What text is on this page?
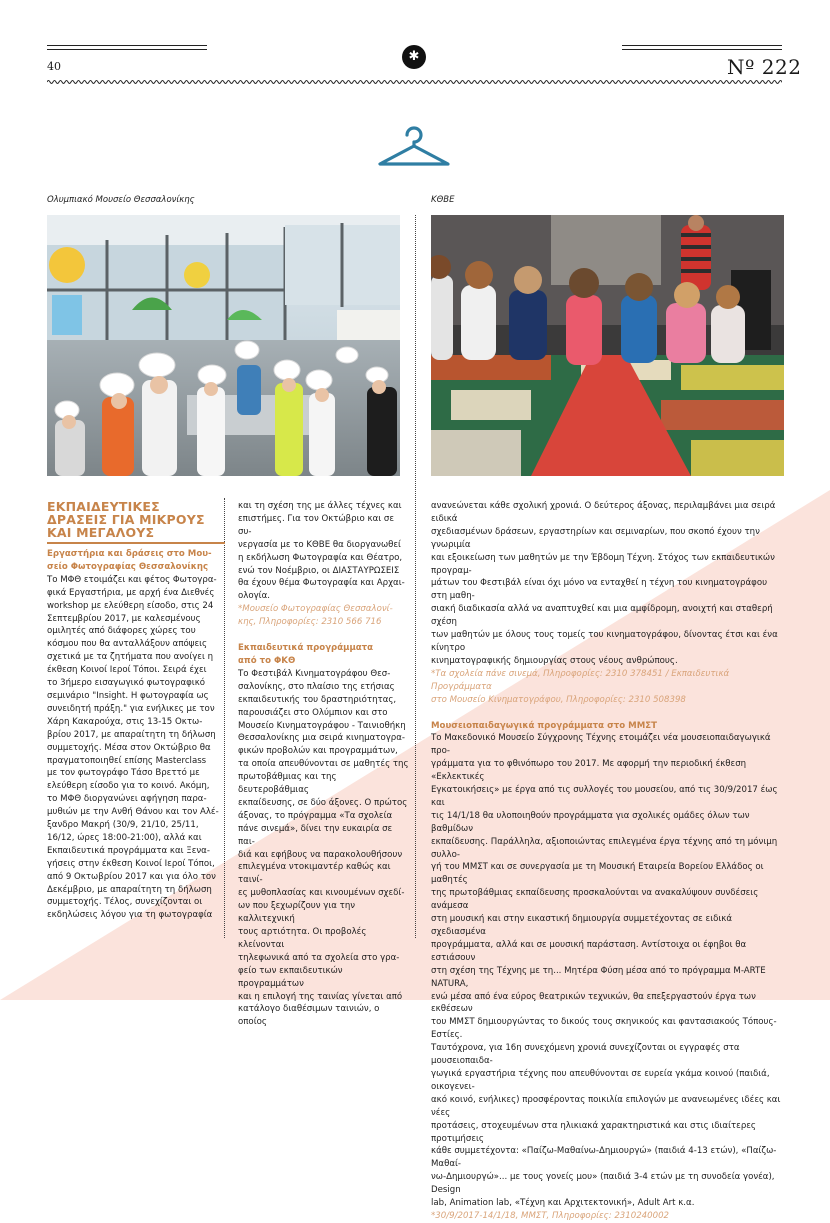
40
✱	Nº 222
Ολυμπιακό Μουσείο Θεσσαλονίκης	ΚΘΒΕ
ΕΚΠΑΙΔΕΥΤΙΚΕΣ
ΔΡΑΣΕΙΣ ΓΙΑ ΜΙΚΡΟΥΣ
ΚΑΙ ΜΕΓΑΛΟΥΣ
Εργαστήρια και δράσεις στο Μου-
σείο Φωτογραφίας Θεσσαλονίκης
Το ΜΦΘ ετοιμάζει και φέτος Φωτογρα-
φικά Εργαστήρια, με αρχή ένα Διεθνές
workshop με ελεύθερη είσοδο, στις 24
Σεπτεμβρίου 2017, με καλεσμένους
ομιλητές από διάφορες χώρες του
κόσμου που θα ανταλλάξουν απόψεις
σχετικά με τα ζητήματα που ανοίγει η
έκθεση Κοινοί Ιεροί Τόποι. Σειρά έχει
το 3ήμερο εισαγωγικό φωτογραφικό
σεμινάριο "Insight. Η φωτογραφία ως
συνειδητή πράξη." για ενήλικες με τον
Χάρη Κακαρούχα, στις 13-15 Οκτω-
βρίου 2017, με απαραίτητη τη δήλωση
συμμετοχής. Μέσα στον Οκτώβριο θα
πραγματοποιηθεί επίσης Masterclass
με τον φωτογράφο Τάσο Βρεττό με
ελεύθερη είσοδο για το κοινό. Ακόμη,
το ΜΦΘ διοργανώνει αφήγηση παρα-
μυθιών με την Ανθή Θάνου και τον Αλέ-
ξανδρο Μακρή (30/9, 21/10, 25/11,
16/12, ώρες 18:00-21:00), αλλά και
Εκπαιδευτικά προγράμματα και Ξενα-
γήσεις στην έκθεση Κοινοί Ιεροί Τόποι,
από 9 Οκτωβρίου 2017 και για όλο τον
Δεκέμβριο, με απαραίτητη τη δήλωση
συμμετοχής. Τέλος, συνεχίζονται οι
εκδηλώσεις λόγου για τη φωτογραφία
και τη σχέση της με άλλες τέχνες και
επιστήμες. Για τον Οκτώβριο και σε συ-
νεργασία με το ΚΘΒΕ θα διοργανωθεί
η εκδήλωση Φωτογραφία και Θέατρο,
ενώ τον Νοέμβριο, οι ΔΙΑΣΤΑΥΡΩΣΕΙΣ
θα έχουν θέμα Φωτογραφία και Αρχαι-
ολογία.
*Μουσείο Φωτογραφίας Θεσσαλονί-
κης, Πληροφορίες: 2310 566 716
Εκπαιδευτικά προγράμματα
από το ΦΚΘ
Το Φεστιβάλ Κινηματογράφου Θεσ-
σαλονίκης, στο πλαίσιο της ετήσιας
εκπαιδευτικής του δραστηριότητας,
παρουσιάζει στο Ολύμπιον και στο
Μουσείο Κινηματογράφου - Ταινιοθήκη
Θεσσαλονίκης μια σειρά κινηματογρα-
φικών προβολών και προγραμμάτων,
τα οποία απευθύνονται σε μαθητές της
πρωτοβάθμιας και της δευτεροβάθμιας
εκπαίδευσης, σε δύο άξονες. Ο πρώτος
άξονας, το πρόγραμμα «Τα σχολεία
πάνε σινεμά», δίνει την ευκαιρία σε παι-
διά και εφήβους να παρακολουθήσουν
επιλεγμένα ντοκιμαντέρ καθώς και ταινί-
ες μυθοπλασίας και κινουμένων σχεδί-
ων που ξεχωρίζουν για την καλλιτεχνική
τους αρτιότητα. Οι προβολές κλείνονται
τηλεφωνικά από τα σχολεία στο γρα-
φείο των εκπαιδευτικών προγραμμάτων
και η επιλογή της ταινίας γίνεται από
κατάλογο διαθέσιμων ταινιών, ο οποίος
ανανεώνεται κάθε σχολική χρονιά. Ο δεύτερος άξονας, περιλαμβάνει μια σειρά ειδικά
σχεδιασμένων δράσεων, εργαστηρίων και σεμιναρίων, που σκοπό έχουν την γνωριμία
και εξοικείωση των μαθητών με την Έβδομη Τέχνη. Στόχος των εκπαιδευτικών προγραμ-
μάτων του Φεστιβάλ είναι όχι μόνο να ενταχθεί η τέχνη του κινηματογράφου στη μαθη-
σιακή διαδικασία αλλά να αναπτυχθεί και μια αμφίδρομη, ανοιχτή και σταθερή σχέση
των μαθητών με όλους τους τομείς του κινηματογράφου, δίνοντας έτσι και ένα κίνητρο
κινηματογραφικής δημιουργίας στους νέους ανθρώπους.
*Τα σχολεία πάνε σινεμά, Πληροφορίες: 2310 378451 / Εκπαιδευτικά Προγράμματα
στο Μουσείο Κινηματογράφου, Πληροφορίες: 2310 508398
Μουσειοπαιδαγωγικά προγράμματα στο ΜΜΣΤ
Το Μακεδονικό Μουσείο Σύγχρονης Τέχνης ετοιμάζει νέα μουσειοπαιδαγωγικά προ-
γράμματα για το φθινόπωρο του 2017. Με αφορμή την περιοδική έκθεση «Εκλεκτικές
Εγκατοικήσεις» με έργα από τις συλλογές του μουσείου, από τις 30/9/2017 έως και
τις 14/1/18 θα υλοποιηθούν προγράμματα για σχολικές ομάδες όλων των βαθμίδων
εκπαίδευσης. Παράλληλα, αξιοποιώντας επιλεγμένα έργα τέχνης από τη μόνιμη συλλο-
γή του ΜΜΣΤ και σε συνεργασία με τη Μουσική Εταιρεία Βορείου Ελλάδος οι μαθητές
της πρωτοβάθμιας εκπαίδευσης προσκαλούνται να ανακαλύψουν συνδέσεις ανάμεσα
στη μουσική και στην εικαστική δημιουργία συμμετέχοντας σε ειδικά σχεδιασμένα
προγράμματα, αλλά και σε μουσική παράσταση. Αντίστοιχα οι έφηβοι θα εστιάσουν
στη σχέση της Τέχνης με τη... Μητέρα Φύση μέσα από το πρόγραμμα M-ARTE NATURA,
ενώ μέσα από ένα εύρος θεατρικών τεχνικών, θα επεξεργαστούν έργα των εκθέσεων
του ΜΜΣΤ δημιουργώντας το δικούς τους σκηνικούς και φαντασιακούς Τόπους-Εστίες.
Ταυτόχρονα, για 16η συνεχόμενη χρονιά συνεχίζονται οι εγγραφές στα μουσειοπαιδα-
γωγικά εργαστήρια τέχνης που απευθύνονται σε ευρεία γκάμα κοινού (παιδιά, οικογενει-
ακό κοινό, ενήλικες) προσφέροντας ποικιλία επιλογών με ανανεωμένες ιδέες και νέες
προτάσεις, στοχευμένων στα ηλικιακά χαρακτηριστικά και στις ιδιαίτερες προτιμήσεις
κάθε συμμετέχοντα: «Παίζω-Μαθαίνω-Δημιουργώ» (παιδιά 4-13 ετών), «Παίζω-Μαθαί-
νω-Δημιουργώ»... με τους γονείς μου» (παιδιά 3-4 ετών με τη συνοδεία γονέα), Design
lab, Animation lab, «Τέχνη και Αρχιτεκτονική», Adult Art κ.α.
*30/9/2017-14/1/18, ΜΜΣΤ, Πληροφορίες: 2310240002
